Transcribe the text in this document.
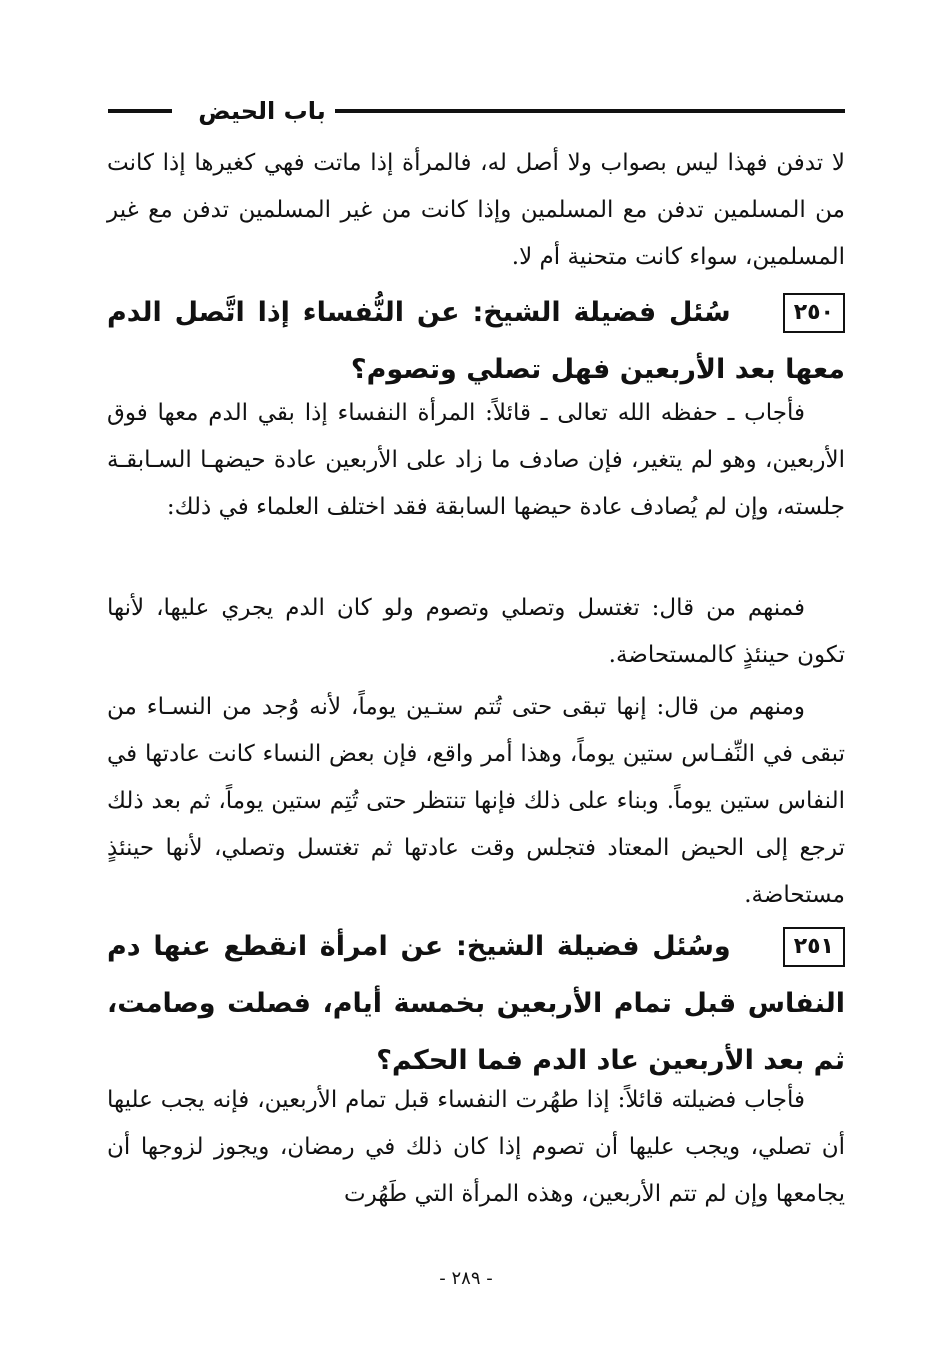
باب الحيض

لا تدفن فهذا ليس بصواب ولا أصل له، فالمرأة إذا ماتت فهي كغيرها إذا كانت من المسلمين تدفن مع المسلمين وإذا كانت من غير المسلمين تدفن مع غير المسلمين، سواء كانت متحنية أم لا.

٢٥٠سُئل فضيلة الشيخ: عن النُّفساء إذا اتَّصل الدم معها بعد الأربعين فهل تصلي وتصوم؟

فأجاب ـ حفظه الله تعالى ـ قائلاً: المرأة النفساء إذا بقي الدم معها فوق الأربعين، وهو لم يتغير، فإن صادف ما زاد على الأربعين عادة حيضهـا السـابقـة جلسته، وإن لم يُصادف عادة حيضها السابقة فقد اختلف العلماء في ذلك:

فمنهم من قال: تغتسل وتصلي وتصوم ولو كان الدم يجري عليها، لأنها تكون حينئذٍ كالمستحاضة.

ومنهم من قال: إنها تبقى حتى تُتم ستـين يوماً، لأنه وُجد من النسـاء من تبقى في النِّفـاس ستين يوماً، وهذا أمر واقع، فإن بعض النساء كانت عادتها في النفاس ستين يوماً. وبناء على ذلك فإنها تنتظر حتى تُتِم ستين يوماً، ثم بعد ذلك ترجع إلى الحيض المعتاد فتجلس وقت عادتها ثم تغتسل وتصلي، لأنها حينئذٍ مستحاضة.

٢٥١وسُئل فضيلة الشيخ: عن امرأة انقطع عنها دم النفاس قبل تمام الأربعين بخمسة أيام، فصلت وصامت، ثم بعد الأربعين عاد الدم فما الحكم؟

فأجاب فضيلته قائلاً: إذا طهُرت النفساء قبل تمام الأربعين، فإنه يجب عليها أن تصلي، ويجب عليها أن تصوم إذا كان ذلك في رمضان، ويجوز لزوجها أن يجامعها وإن لم تتم الأربعين، وهذه المرأة التي طَهُرت

- ٢٨٩ -
